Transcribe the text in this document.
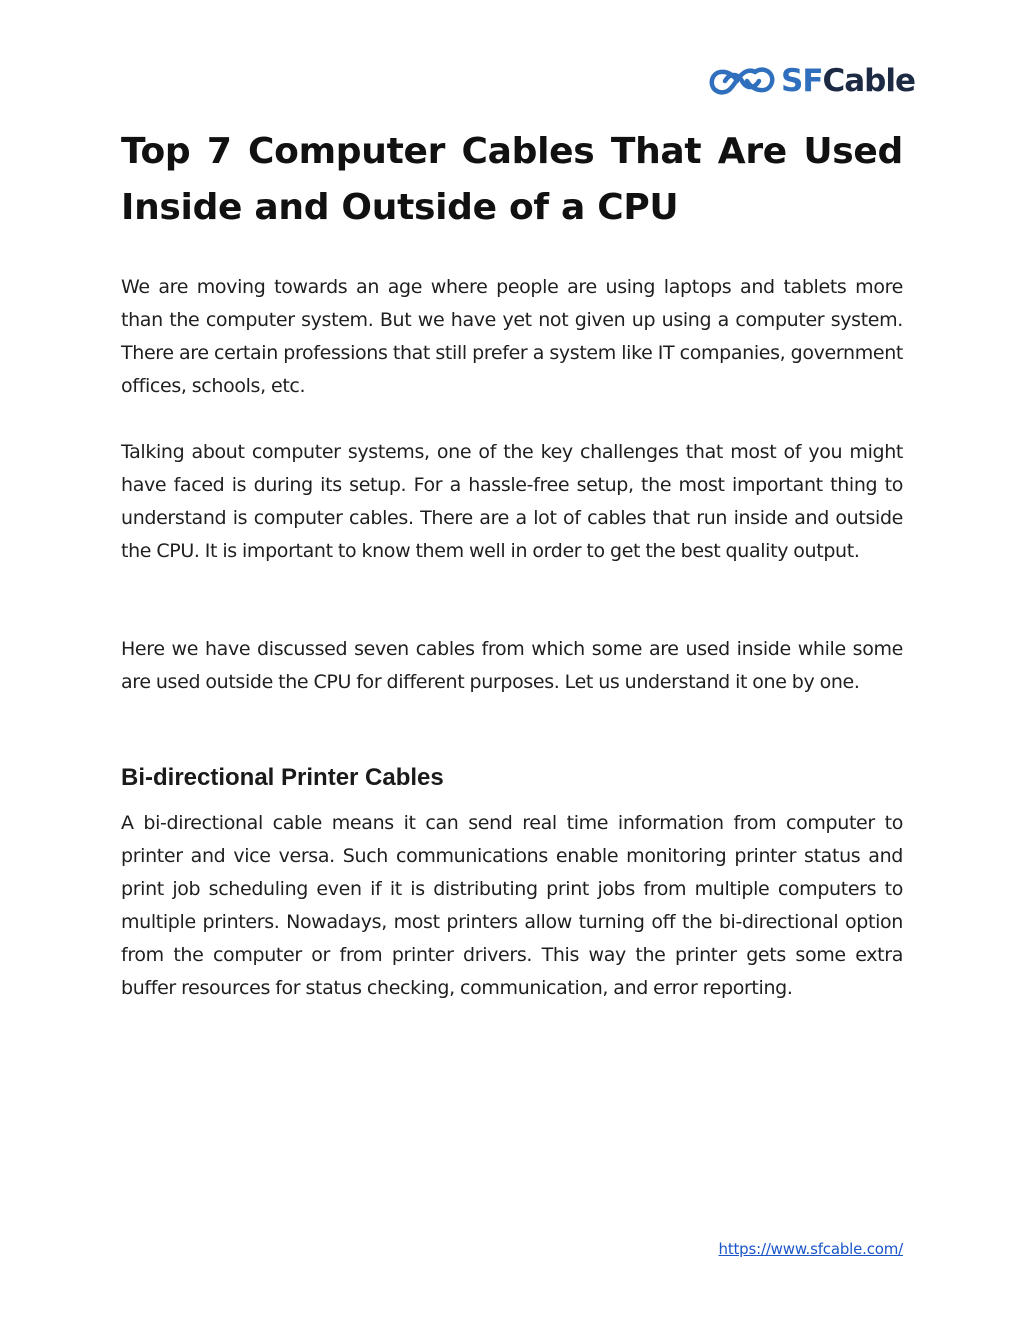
SFCable
Top 7 Computer Cables That Are Used Inside and Outside of a CPU

We are moving towards an age where people are using laptops and tablets more than the computer system. But we have yet not given up using a computer system. There are certain professions that still prefer a system like IT companies, government offices, schools, etc.

Talking about computer systems, one of the key challenges that most of you might have faced is during its setup. For a hassle-free setup, the most important thing to understand is computer cables. There are a lot of cables that run inside and outside the CPU. It is important to know them well in order to get the best quality output.

Here we have discussed seven cables from which some are used inside while some are used outside the CPU for different purposes. Let us understand it one by one.

Bi-directional Printer Cables

A bi-directional cable means it can send real time information from computer to printer and vice versa. Such communications enable monitoring printer status and print job scheduling even if it is distributing print jobs from multiple computers to multiple printers. Nowadays, most printers allow turning off the bi-directional option from the computer or from printer drivers. This way the printer gets some extra buffer resources for status checking, communication, and error reporting.

https://www.sfcable.com/
